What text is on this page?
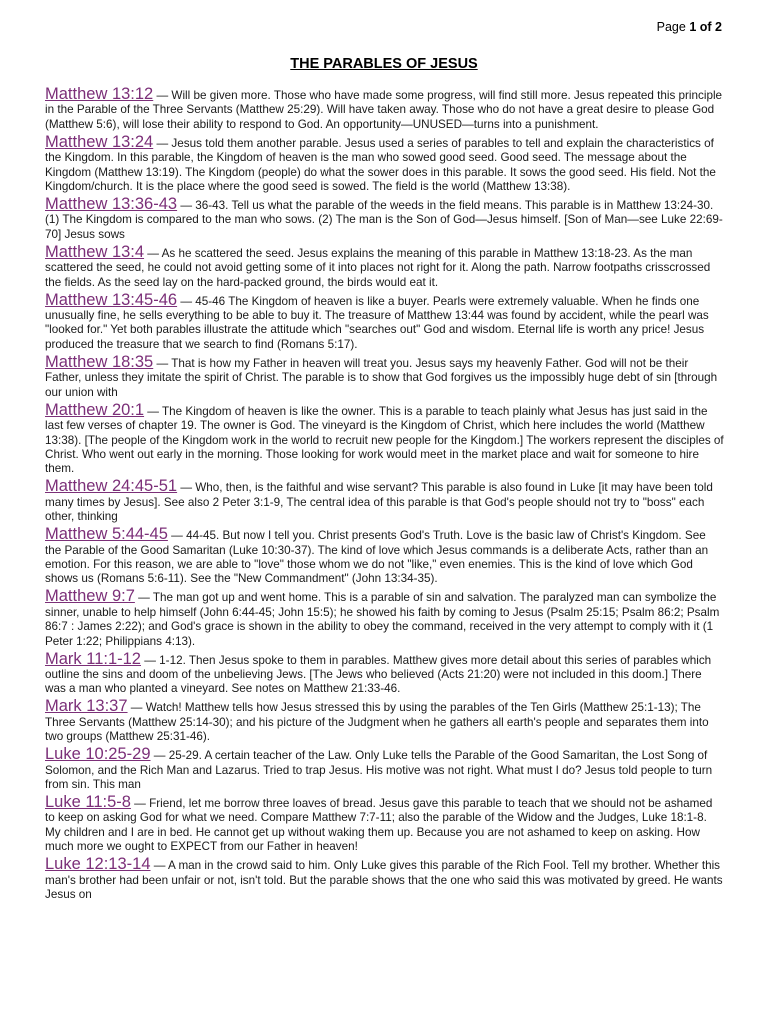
Page 1 of 2
THE PARABLES OF JESUS

Matthew 13:12 — Will be given more. Those who have made some progress, will find still more. Jesus repeated this principle in the Parable of the Three Servants (Matthew 25:29). Will have taken away. Those who do not have a great desire to please God (Matthew 5:6), will lose their ability to respond to God. An opportunity—UNUSED—turns into a punishment.

Matthew 13:24 — Jesus told them another parable. Jesus used a series of parables to tell and explain the characteristics of the Kingdom. In this parable, the Kingdom of heaven is the man who sowed good seed. Good seed. The message about the Kingdom (Matthew 13:19). The Kingdom (people) do what the sower does in this parable. It sows the good seed. His field. Not the Kingdom/church. It is the place where the good seed is sowed. The field is the world (Matthew 13:38).

Matthew 13:36-43 — 36-43. Tell us what the parable of the weeds in the field means. This parable is in Matthew 13:24-30. (1) The Kingdom is compared to the man who sows. (2) The man is the Son of God—Jesus himself. [Son of Man—see Luke 22:69-70] Jesus sows

Matthew 13:4 — As he scattered the seed. Jesus explains the meaning of this parable in Matthew 13:18-23. As the man scattered the seed, he could not avoid getting some of it into places not right for it. Along the path. Narrow footpaths crisscrossed the fields. As the seed lay on the hard-packed ground, the birds would eat it.

Matthew 13:45-46 — 45-46 The Kingdom of heaven is like a buyer. Pearls were extremely valuable. When he finds one unusually fine, he sells everything to be able to buy it. The treasure of Matthew 13:44 was found by accident, while the pearl was "looked for." Yet both parables illustrate the attitude which "searches out" God and wisdom. Eternal life is worth any price! Jesus produced the treasure that we search to find (Romans 5:17).

Matthew 18:35 — That is how my Father in heaven will treat you. Jesus says my heavenly Father. God will not be their Father, unless they imitate the spirit of Christ. The parable is to show that God forgives us the impossibly huge debt of sin [through our union with

Matthew 20:1 — The Kingdom of heaven is like the owner. This is a parable to teach plainly what Jesus has just said in the last few verses of chapter 19. The owner is God. The vineyard is the Kingdom of Christ, which here includes the world (Matthew 13:38). [The people of the Kingdom work in the world to recruit new people for the Kingdom.] The workers represent the disciples of Christ. Who went out early in the morning. Those looking for work would meet in the market place and wait for someone to hire them.

Matthew 24:45-51 — Who, then, is the faithful and wise servant? This parable is also found in Luke [it may have been told many times by Jesus]. See also 2 Peter 3:1-9, The central idea of this parable is that God's people should not try to "boss" each other, thinking

Matthew 5:44-45 — 44-45. But now I tell you. Christ presents God's Truth. Love is the basic law of Christ's Kingdom. See the Parable of the Good Samaritan (Luke 10:30-37). The kind of love which Jesus commands is a deliberate Acts, rather than an emotion. For this reason, we are able to "love" those whom we do not "like," even enemies. This is the kind of love which God shows us (Romans 5:6-11). See the "New Commandment" (John 13:34-35).

Matthew 9:7 — The man got up and went home. This is a parable of sin and salvation. The paralyzed man can symbolize the sinner, unable to help himself (John 6:44-45; John 15:5); he showed his faith by coming to Jesus (Psalm 25:15; Psalm 86:2; Psalm 86:7 : James 2:22); and God's grace is shown in the ability to obey the command, received in the very attempt to comply with it (1 Peter 1:22; Philippians 4:13).

Mark 11:1-12 — 1-12. Then Jesus spoke to them in parables. Matthew gives more detail about this series of parables which outline the sins and doom of the unbelieving Jews. [The Jews who believed (Acts 21:20) were not included in this doom.] There was a man who planted a vineyard. See notes on Matthew 21:33-46.

Mark 13:37 — Watch! Matthew tells how Jesus stressed this by using the parables of the Ten Girls (Matthew 25:1-13); The Three Servants (Matthew 25:14-30); and his picture of the Judgment when he gathers all earth's people and separates them into two groups (Matthew 25:31-46).

Luke 10:25-29 — 25-29. A certain teacher of the Law. Only Luke tells the Parable of the Good Samaritan, the Lost Song of Solomon, and the Rich Man and Lazarus. Tried to trap Jesus. His motive was not right. What must I do? Jesus told people to turn from sin. This man

Luke 11:5-8 — Friend, let me borrow three loaves of bread. Jesus gave this parable to teach that we should not be ashamed to keep on asking God for what we need. Compare Matthew 7:7-11; also the parable of the Widow and the Judges, Luke 18:1-8. My children and I are in bed. He cannot get up without waking them up. Because you are not ashamed to keep on asking. How much more we ought to EXPECT from our Father in heaven!

Luke 12:13-14 — A man in the crowd said to him. Only Luke gives this parable of the Rich Fool. Tell my brother. Whether this man's brother had been unfair or not, isn't told. But the parable shows that the one who said this was motivated by greed. He wants Jesus on
